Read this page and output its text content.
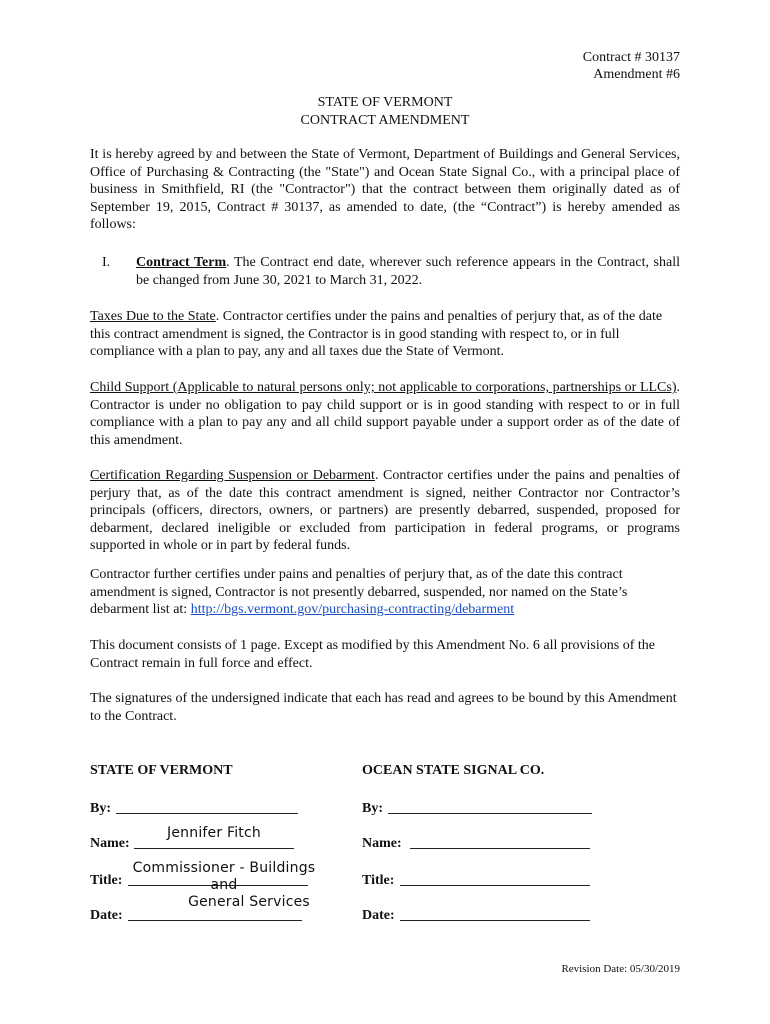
Contract # 30137
Amendment #6
STATE OF VERMONT
CONTRACT AMENDMENT
It is hereby agreed by and between the State of Vermont, Department of Buildings and General Services, Office of Purchasing & Contracting (the "State") and Ocean State Signal Co., with a principal place of business in Smithfield, RI (the "Contractor") that the contract between them originally dated as of September 19, 2015, Contract # 30137, as amended to date, (the “Contract”) is hereby amended as follows:
I. Contract Term. The Contract end date, wherever such reference appears in the Contract, shall be changed from June 30, 2021 to March 31, 2022.
Taxes Due to the State. Contractor certifies under the pains and penalties of perjury that, as of the date this contract amendment is signed, the Contractor is in good standing with respect to, or in full compliance with a plan to pay, any and all taxes due the State of Vermont.
Child Support (Applicable to natural persons only; not applicable to corporations, partnerships or LLCs). Contractor is under no obligation to pay child support or is in good standing with respect to or in full compliance with a plan to pay any and all child support payable under a support order as of the date of this amendment.
Certification Regarding Suspension or Debarment. Contractor certifies under the pains and penalties of perjury that, as of the date this contract amendment is signed, neither Contractor nor Contractor’s principals (officers, directors, owners, or partners) are presently debarred, suspended, proposed for debarment, declared ineligible or excluded from participation in federal programs, or programs supported in whole or in part by federal funds.
Contractor further certifies under pains and penalties of perjury that, as of the date this contract amendment is signed, Contractor is not presently debarred, suspended, nor named on the State’s debarment list at: http://bgs.vermont.gov/purchasing-contracting/debarment
This document consists of 1 page. Except as modified by this Amendment No. 6 all provisions of the Contract remain in full force and effect.
The signatures of the undersigned indicate that each has read and agrees to be bound by this Amendment to the Contract.
STATE OF VERMONT
By:
Name:
Jennifer Fitch
Title:
Commissioner - Buildings and
General Services
Date:
OCEAN STATE SIGNAL CO.
By:
Name:
Title:
Date:
Revision Date: 05/30/2019
